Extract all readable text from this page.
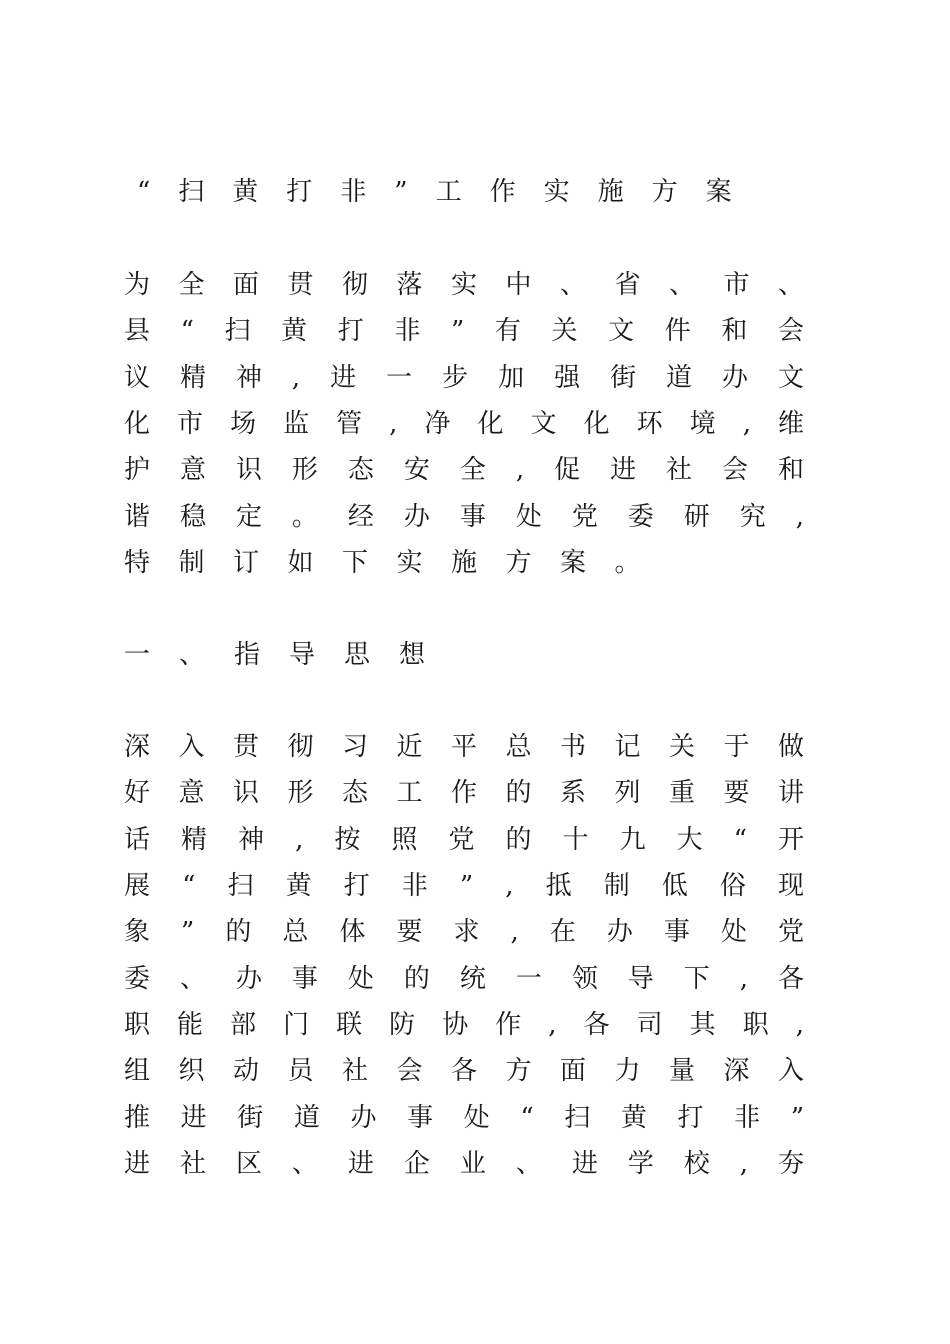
“扫黄打非”工作实施方案
为全面贯彻落实中、省、市、
县“扫黄打非”有关文件和会
议精神,进一步加强街道办文
化市场监管,净化文化环境,维
护意识形态安全,促进社会和
谐稳定。经办事处党委研究,
特制订如下实施方案。
一、指导思想
深入贯彻习近平总书记关于做
好意识形态工作的系列重要讲
话精神,按照党的十九大“开
展“扫黄打非”,抵制低俗现
象”的总体要求,在办事处党
委、办事处的统一领导下,各
职能部门联防协作,各司其职,
组织动员社会各方面力量深入
推进街道办事处“扫黄打非”
进社区、进企业、进学校,夯
